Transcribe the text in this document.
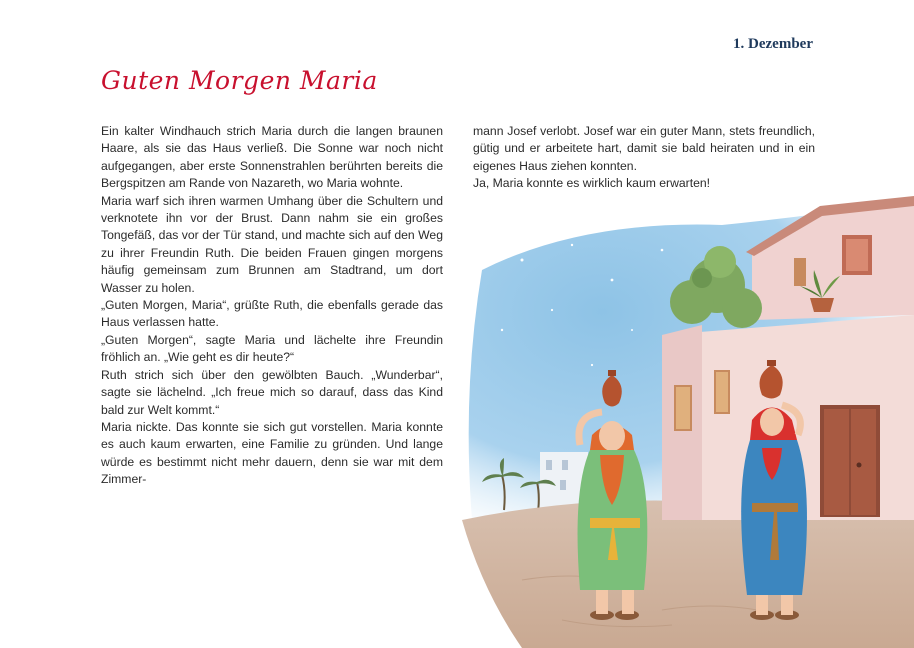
1. Dezember
Guten Morgen Maria

Ein kalter Windhauch strich Maria durch die langen braunen Haare, als sie das Haus verließ. Die Sonne war noch nicht aufgegangen, aber erste Sonnenstrahlen berührten bereits die Bergspitzen am Rande von Nazareth, wo Maria wohnte.

Maria warf sich ihren warmen Umhang über die Schultern und verknotete ihn vor der Brust. Dann nahm sie ein großes Tongefäß, das vor der Tür stand, und machte sich auf den Weg zu ihrer Freundin Ruth. Die beiden Frauen gingen morgens häufig gemeinsam zum Brunnen am Stadtrand, um dort Wasser zu holen.

„Guten Morgen, Maria“, grüßte Ruth, die ebenfalls gerade das Haus verlassen hatte.

„Guten Morgen“, sagte Maria und lächelte ihre Freundin fröhlich an. „Wie geht es dir heute?“

Ruth strich sich über den gewölbten Bauch. „Wunderbar“, sagte sie lächelnd. „Ich freue mich so darauf, dass das Kind bald zur Welt kommt.“

Maria nickte. Das konnte sie sich gut vorstellen. Maria konnte es auch kaum erwarten, eine Familie zu gründen. Und lange würde es bestimmt nicht mehr dauern, denn sie war mit dem Zimmer-

mann Josef verlobt. Josef war ein guter Mann, stets freundlich, gütig und er arbeitete hart, damit sie bald heiraten und in ein eigenes Haus ziehen konnten.

Ja, Maria konnte es wirklich kaum erwarten!
